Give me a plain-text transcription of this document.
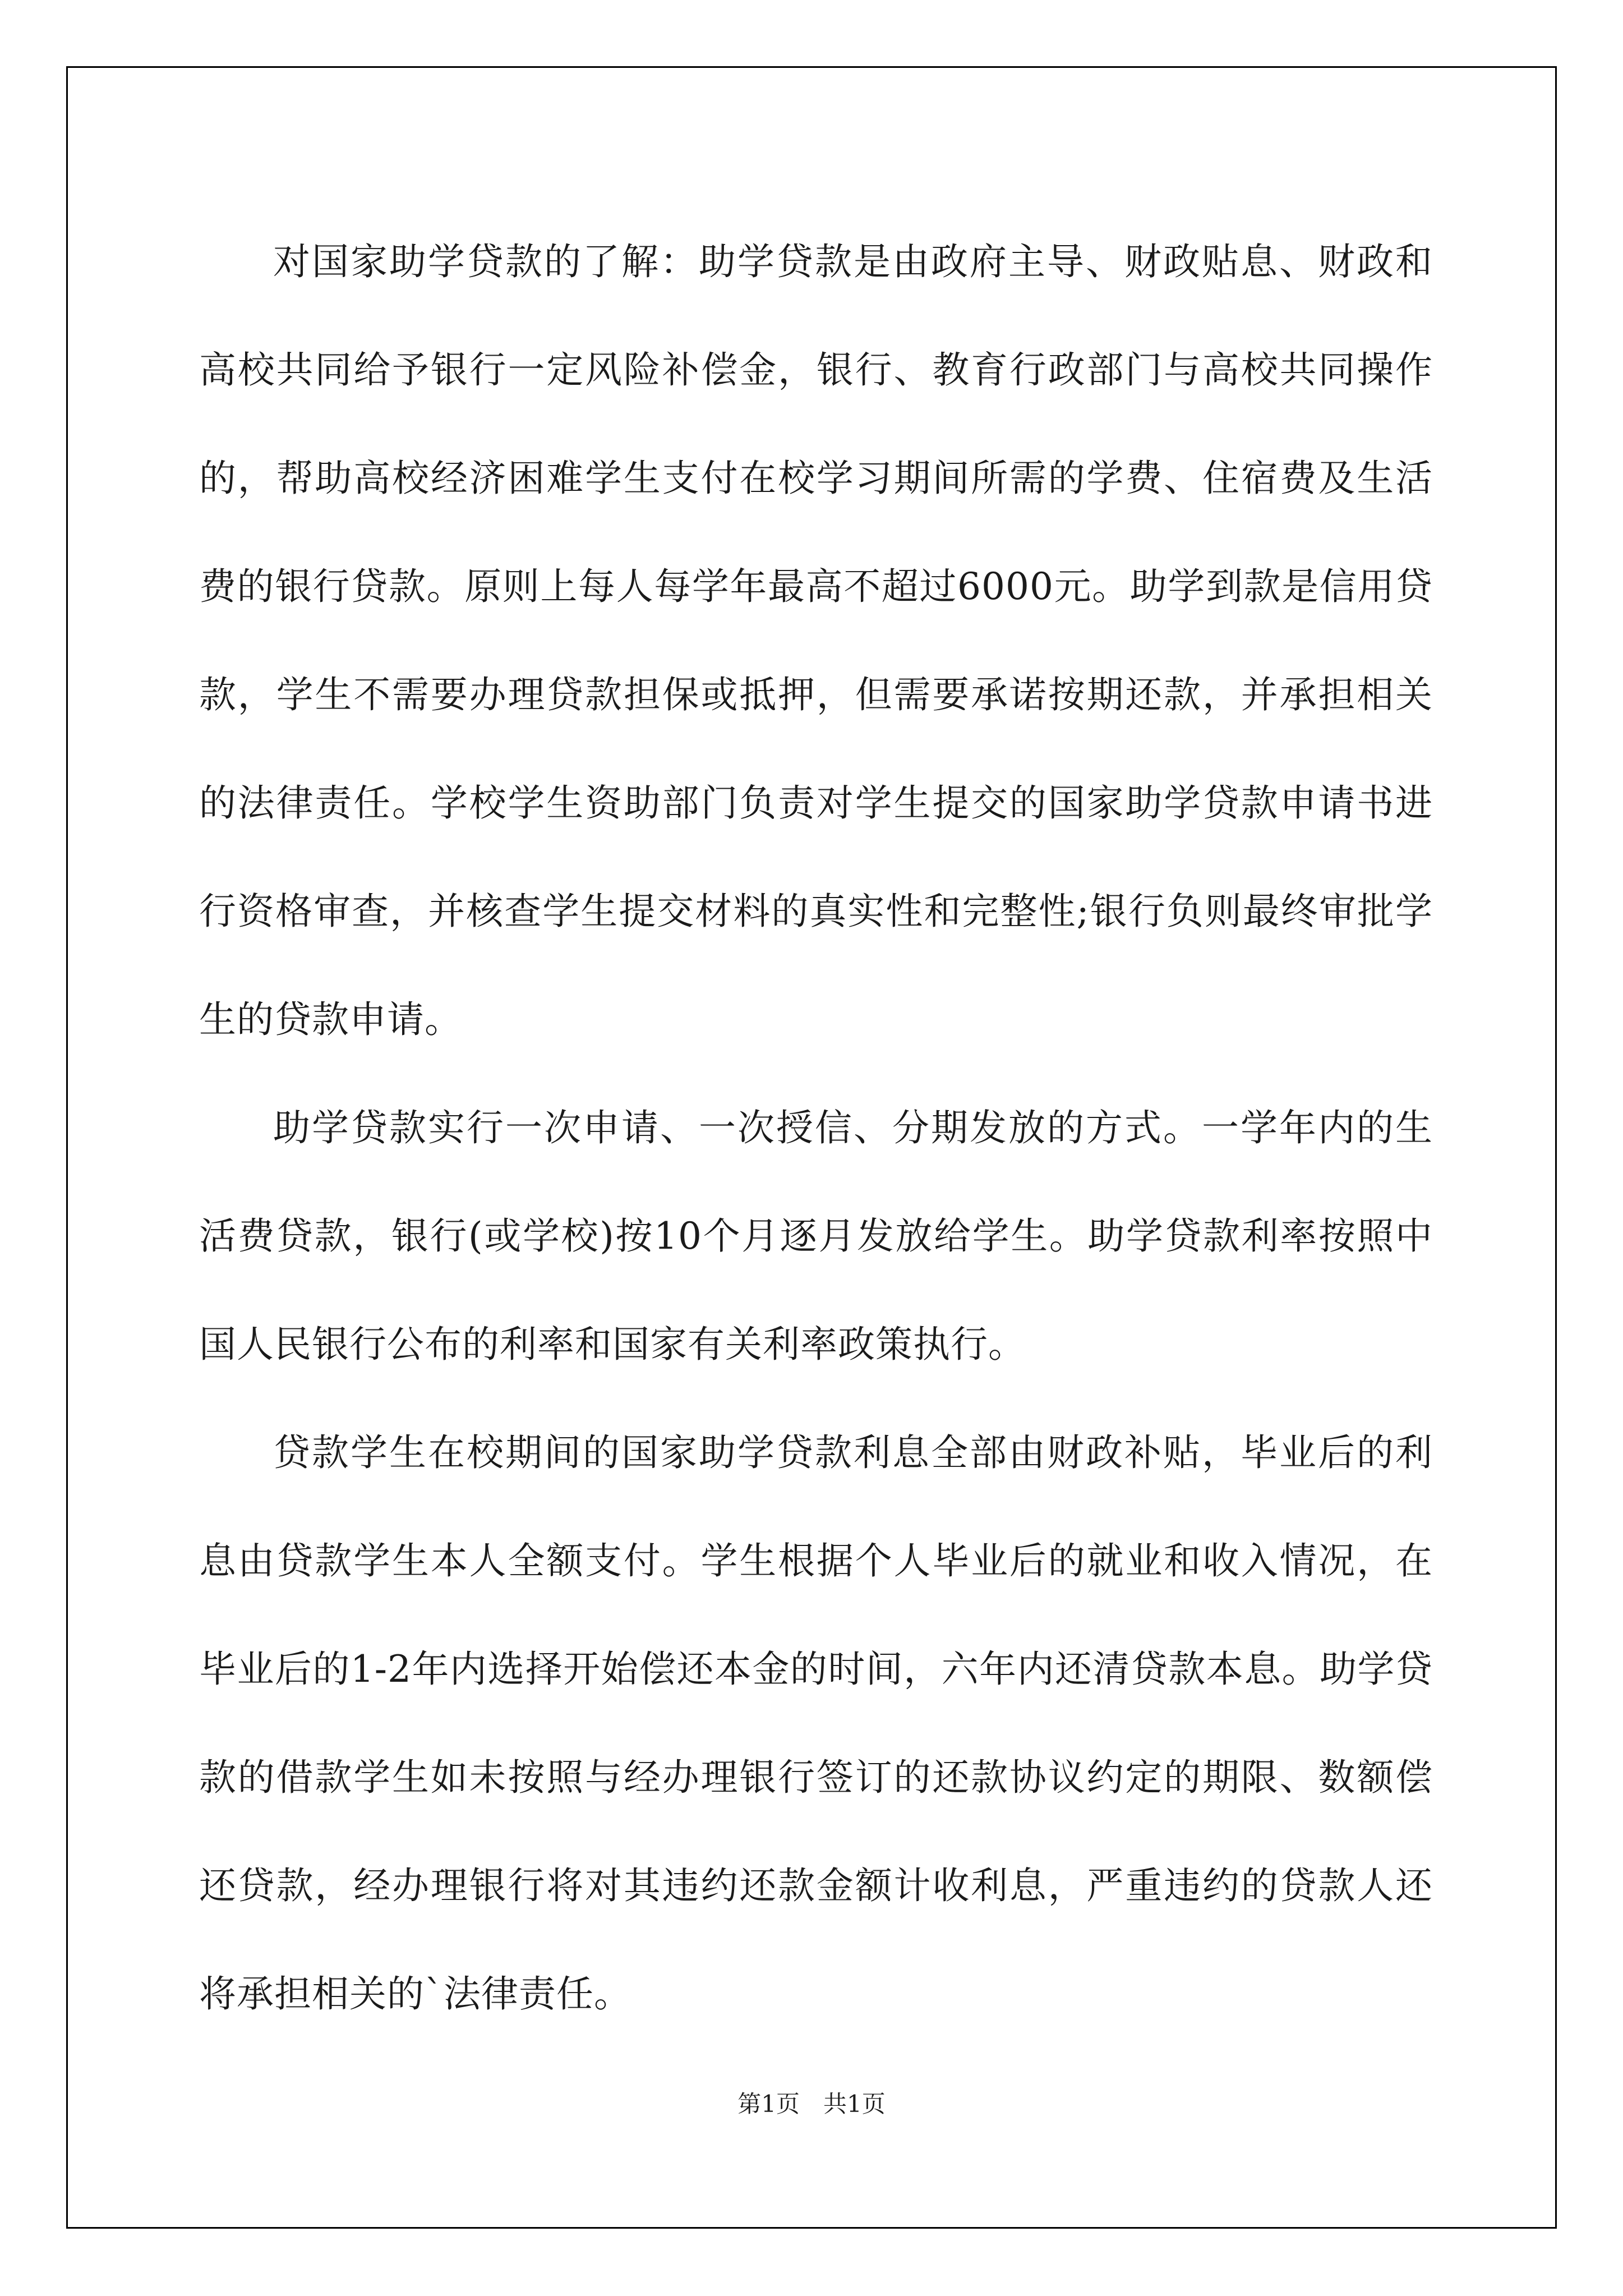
对国家助学贷款的了解：助学贷款是由政府主导、财政贴息、财政和高校共同给予银行一定风险补偿金，银行、教育行政部门与高校共同操作的，帮助高校经济困难学生支付在校学习期间所需的学费、住宿费及生活费的银行贷款。原则上每人每学年最高不超过6000元。助学到款是信用贷款，学生不需要办理贷款担保或抵押，但需要承诺按期还款，并承担相关的法律责任。学校学生资助部门负责对学生提交的国家助学贷款申请书进行资格审查，并核查学生提交材料的真实性和完整性;银行负则最终审批学生的贷款申请。

助学贷款实行一次申请、一次授信、分期发放的方式。一学年内的生活费贷款，银行(或学校)按10个月逐月发放给学生。助学贷款利率按照中国人民银行公布的利率和国家有关利率政策执行。

贷款学生在校期间的国家助学贷款利息全部由财政补贴，毕业后的利息由贷款学生本人全额支付。学生根据个人毕业后的就业和收入情况，在毕业后的1-2年内选择开始偿还本金的时间，六年内还清贷款本息。助学贷款的借款学生如未按照与经办理银行签订的还款协议约定的期限、数额偿还贷款，经办理银行将对其违约还款金额计收利息，严重违约的贷款人还将承担相关的`法律责任。

第1页 共1页
